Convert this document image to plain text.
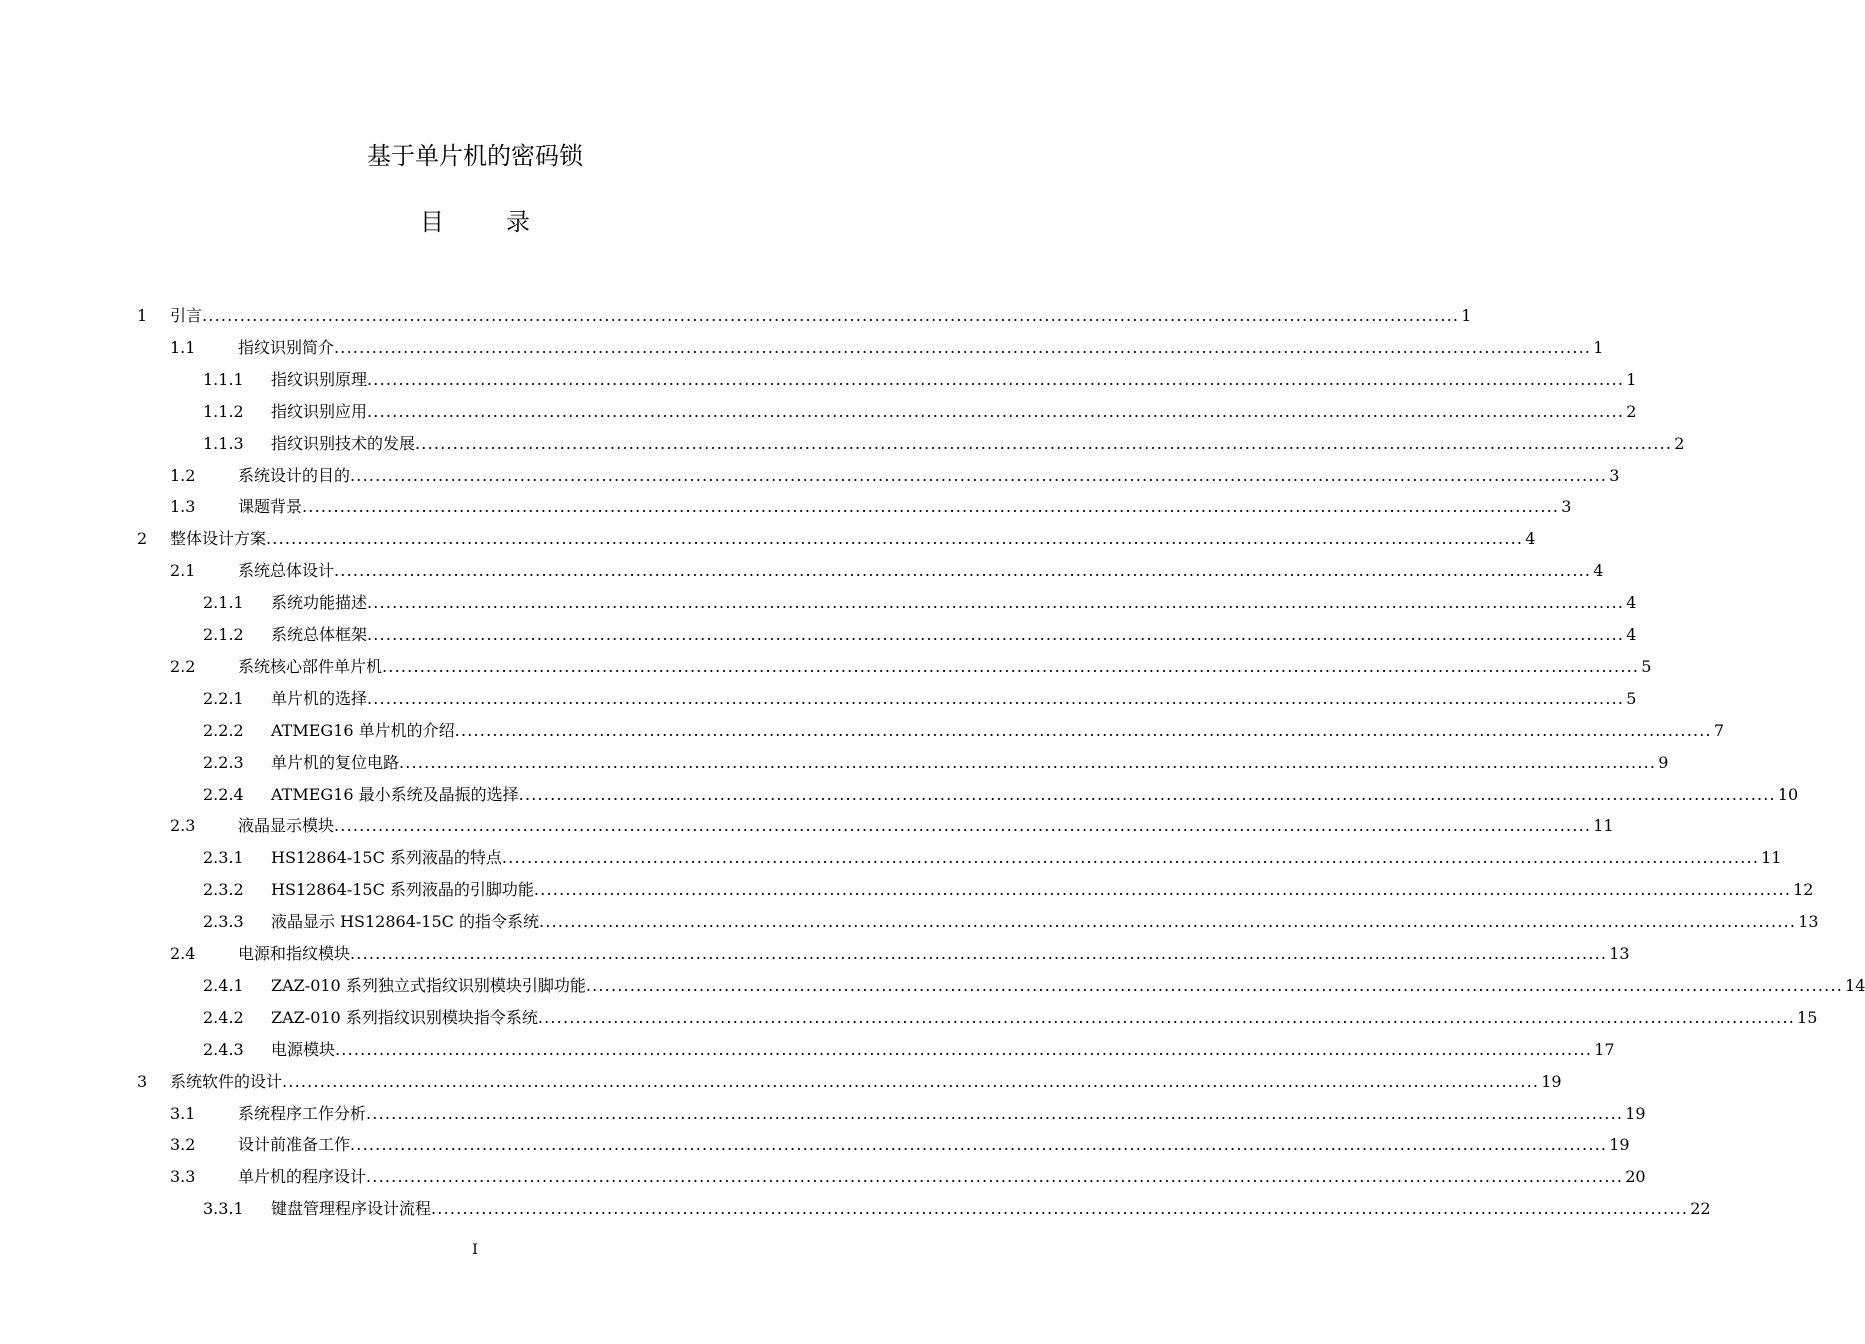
基于单片机的密码锁
目	录
1 引言 ........................................................................................................................................................................................................ 1
1.1	指纹识别简介 ........................................................................................................................................................................................................ 1
1.1.1 指纹识别原理 ........................................................................................................................................................................................................ 1
1.1.2 指纹识别应用 ........................................................................................................................................................................................................ 2
1.1.3 指纹识别技术的发展 ........................................................................................................................................................................................................ 2
1.2	系统设计的目的 ........................................................................................................................................................................................................ 3
1.3	课题背景 ........................................................................................................................................................................................................ 3
2 整体设计方案 ........................................................................................................................................................................................................ 4
2.1	系统总体设计 ........................................................................................................................................................................................................ 4
2.1.1 系统功能描述 ........................................................................................................................................................................................................ 4
2.1.2 系统总体框架 ........................................................................................................................................................................................................ 4
2.2	系统核心部件单片机 ........................................................................................................................................................................................................ 5
2.2.1 单片机的选择 ........................................................................................................................................................................................................ 5
2.2.2 ATMEG16 单片机的介绍 ........................................................................................................................................................................................................ 7
2.2.3 单片机的复位电路 ........................................................................................................................................................................................................ 9
2.2.4 ATMEG16 最小系统及晶振的选择 ........................................................................................................................................................................................................ 10
2.3	液晶显示模块 ........................................................................................................................................................................................................ 11
2.3.1 HS12864-15C 系列液晶的特点 ........................................................................................................................................................................................................ 11
2.3.2 HS12864-15C 系列液晶的引脚功能 ........................................................................................................................................................................................................ 12
2.3.3 液晶显示 HS12864-15C 的指令系统 ........................................................................................................................................................................................................ 13
2.4	电源和指纹模块 ........................................................................................................................................................................................................ 13
2.4.1 ZAZ-010 系列独立式指纹识别模块引脚功能 ........................................................................................................................................................................................................ 14
2.4.2 ZAZ-010 系列指纹识别模块指令系统 ........................................................................................................................................................................................................ 15
2.4.3 电源模块 ........................................................................................................................................................................................................ 17
3 系统软件的设计 ........................................................................................................................................................................................................ 19
3.1	系统程序工作分析 ........................................................................................................................................................................................................ 19
3.2	设计前准备工作 ........................................................................................................................................................................................................ 19
3.3	单片机的程序设计 ........................................................................................................................................................................................................ 20
3.3.1 键盘管理程序设计流程 ........................................................................................................................................................................................................ 22
I
